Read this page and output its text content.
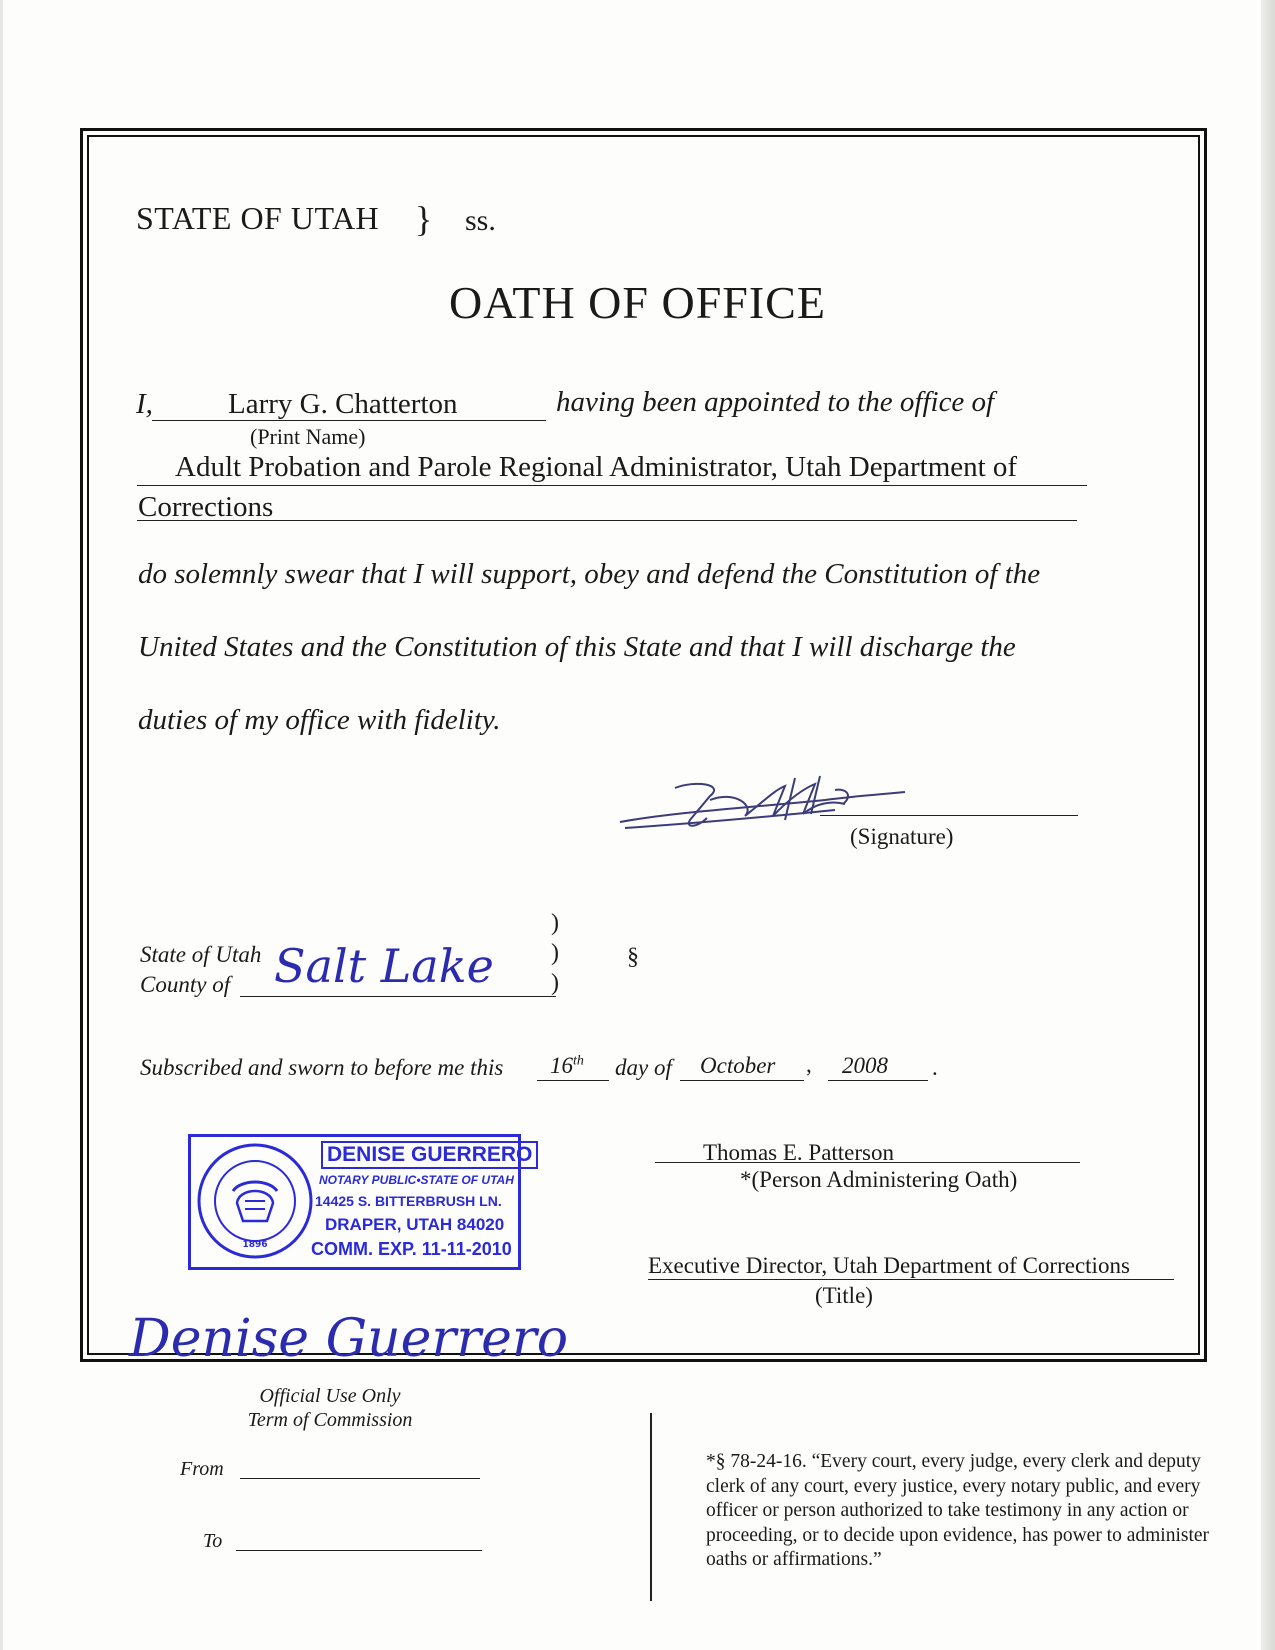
STATE OF UTAH } ss.
OATH OF OFFICE
I,	Larry G. Chatterton	having been appointed to the office of
(Print Name)
Adult Probation and Parole Regional Administrator, Utah Department of
Corrections
do solemnly swear that I will support, obey and defend the Constitution of the
United States and the Constitution of this State and that I will discharge the
duties of my office with fidelity.
(Signature)
)
State of Utah	)	§
County of	)
Salt Lake
Subscribed and sworn to before me this 16th day of October , 2008 .
1896
DENISE GUERRERO
NOTARY PUBLIC•STATE OF UTAH
14425 S. BITTERBRUSH LN.
DRAPER, UTAH 84020
COMM. EXP. 11-11-2010
Denise Guerrero
Thomas E. Patterson
*(Person Administering Oath)
Executive Director, Utah Department of Corrections
(Title)
Official Use Only
Term of Commission
From
To
*§ 78-24-16. “Every court, every judge, every clerk and deputy clerk of any court, every justice, every notary public, and every officer or person authorized to take testimony in any action or proceeding, or to decide upon evidence, has power to administer oaths or affirmations.”
